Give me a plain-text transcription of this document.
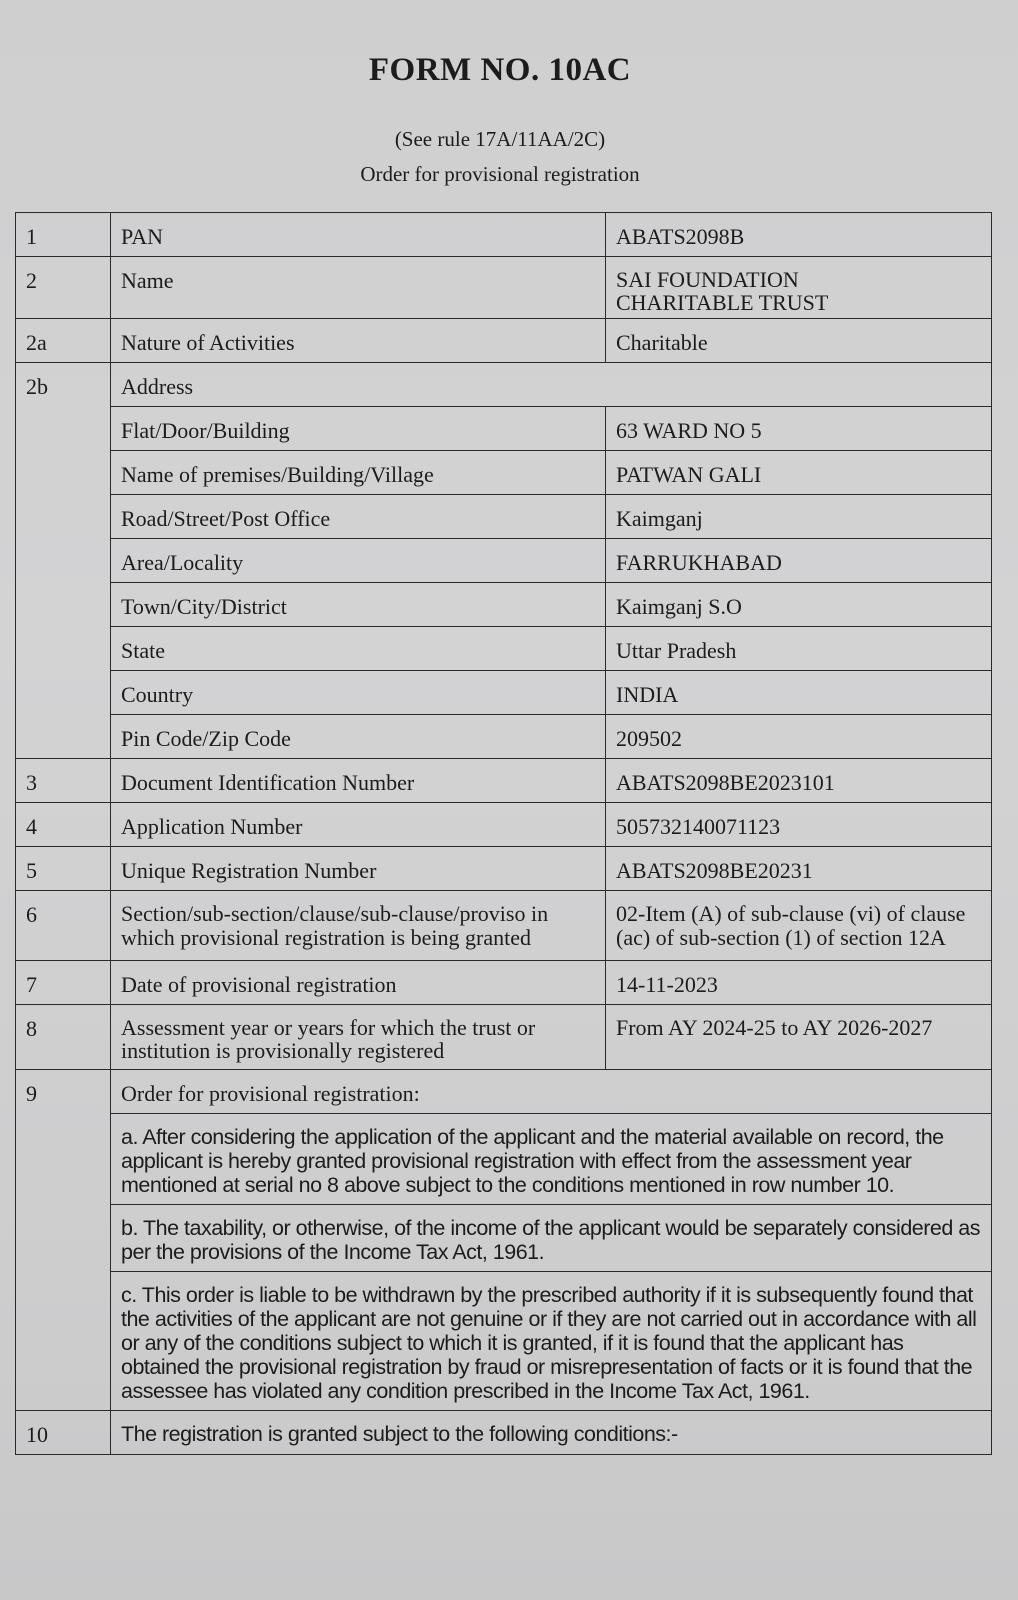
FORM NO. 10AC
(See rule 17A/11AA/2C)
Order for provisional registration
1	PAN	ABATS2098B
2	Name	SAI FOUNDATION
CHARITABLE TRUST

2a	Nature of Activities	Charitable
2b	Address	
	Flat/Door/Building	63 WARD NO 5
	Name of premises/Building/Village	PATWAN GALI
	Road/Street/Post Office	Kaimganj
	Area/Locality	FARRUKHABAD
	Town/City/District	Kaimganj S.O
	State	Uttar Pradesh
	Country	INDIA
	Pin Code/Zip Code	209502
3	Document Identification Number	ABATS2098BE2023101
4	Application Number	505732140071123
5	Unique Registration Number	ABATS2098BE20231
6	Section/sub-section/clause/sub-clause/proviso in which provisional registration is being granted	02-Item (A) of sub-clause (vi) of clause (ac) of sub-section (1) of section 12A
7	Date of provisional registration	14-11-2023
8	Assessment year or years for which the trust or institution is provisionally registered	From AY 2024-25 to AY 2026-2027
9	Order for provisional registration:	
	a. After considering the application of the applicant and the material available on record, the applicant is hereby granted provisional registration with effect from the assessment year mentioned at serial no 8 above subject to the conditions mentioned in row number 10.	
	b. The taxability, or otherwise, of the income of the applicant would be separately considered as per the provisions of the Income Tax Act, 1961.	
	c. This order is liable to be withdrawn by the prescribed authority if it is subsequently found that the activities of the applicant are not genuine or if they are not carried out in accordance with all or any of the conditions subject to which it is granted, if it is found that the applicant has obtained the provisional registration by fraud or misrepresentation of facts or it is found that the assessee has violated any condition prescribed in the Income Tax Act, 1961.	
10	The registration is granted subject to the following conditions:-	
